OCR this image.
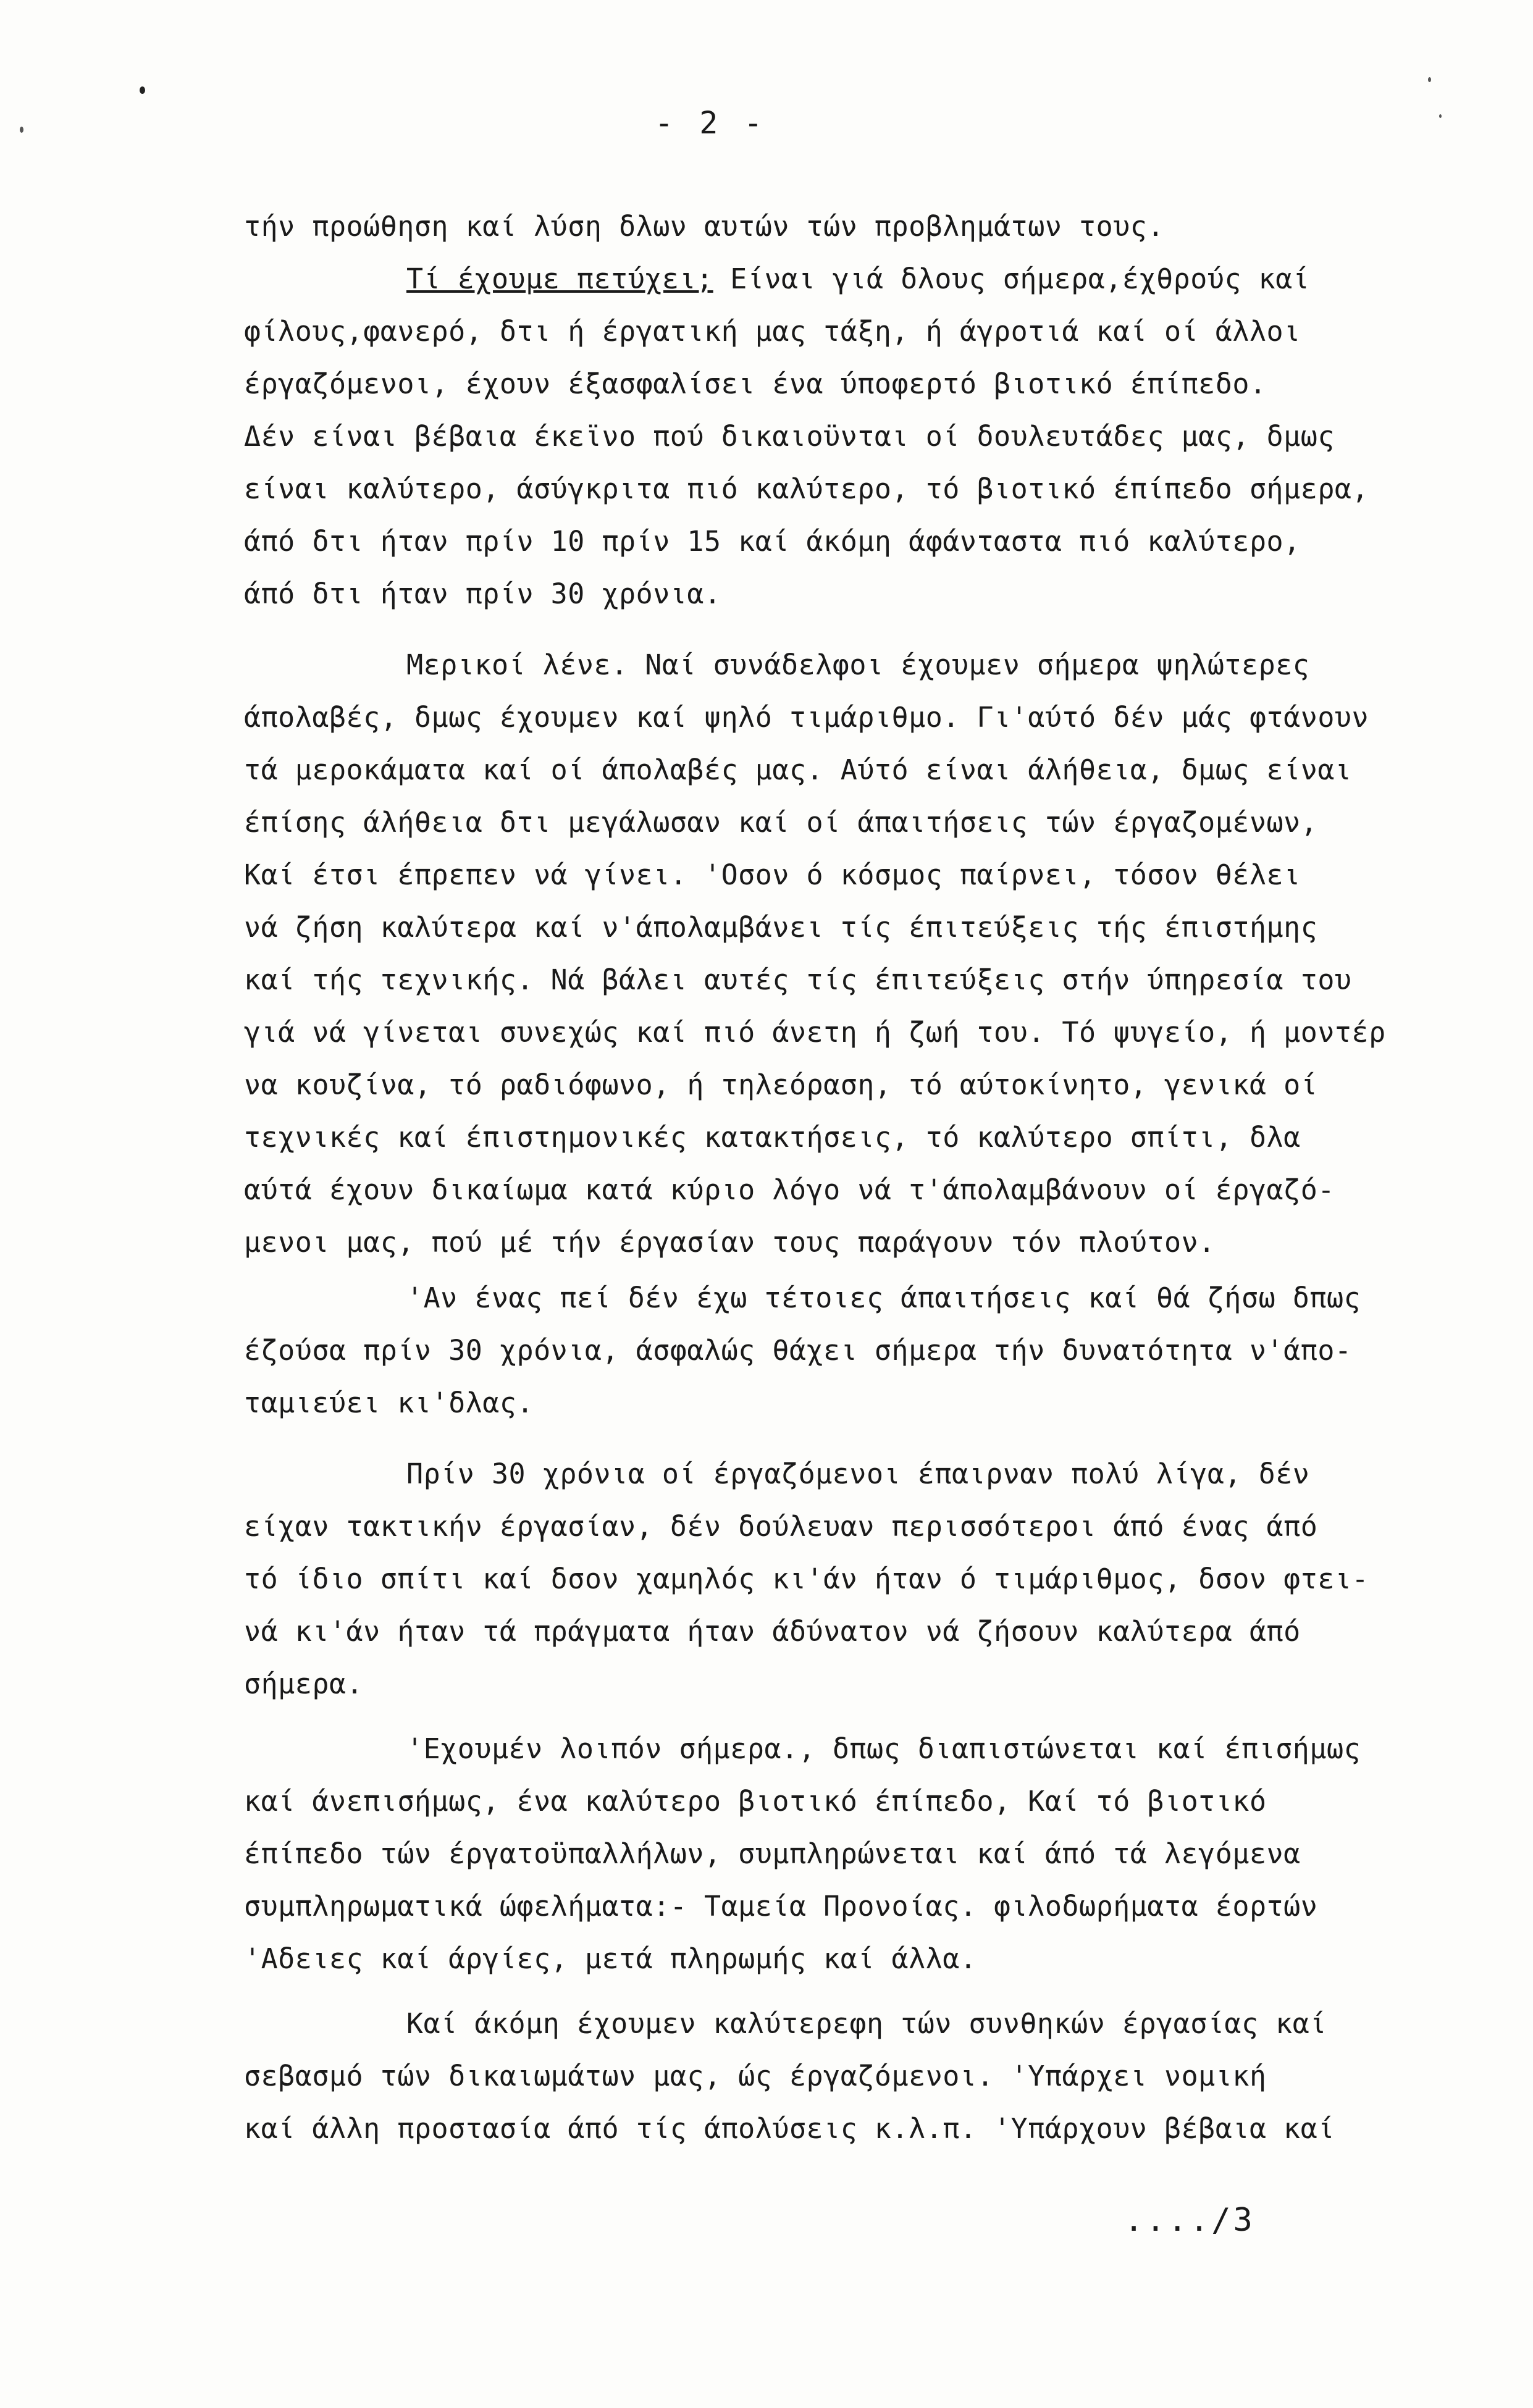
- 2 -
τήν προώθηση καί λύση δλων αυτών τών προβλημάτων τους.
Τί έχουμε πετύχει; Είναι γιά δλους σήμερα,έχθρούς καί
φίλους,φανερό, δτι ή έργατική μας τάξη, ή άγροτιά καί οί άλλοι
έργαζόμενοι, έχουν έξασφαλίσει ένα ύποφερτό βιοτικό έπίπεδο.
Δέν είναι βέβαια έκεϊνο πού δικαιοϋνται οί δουλευτάδες μας, δμως
είναι καλύτερο, άσύγκριτα πιό καλύτερο, τό βιοτικό έπίπεδο σήμερα,
άπό δτι ήταν πρίν 10 πρίν 15 καί άκόμη άφάνταστα πιό καλύτερο,
άπό δτι ήταν πρίν 30 χρόνια.
Μερικοί λένε. Ναί συνάδελφοι έχουμεν σήμερα ψηλώτερες
άπολαβές, δμως έχουμεν καί ψηλό τιμάριθμο. Γι'αύτό δέν μάς φτάνουν
τά μεροκάματα καί οί άπολαβές μας. Αύτό είναι άλήθεια, δμως είναι
έπίσης άλήθεια δτι μεγάλωσαν καί οί άπαιτήσεις τών έργαζομένων,
Καί έτσι έπρεπεν νά γίνει. 'Οσον ό κόσμος παίρνει, τόσον θέλει
νά ζήση καλύτερα καί ν'άπολαμβάνει τίς έπιτεύξεις τής έπιστήμης
καί τής τεχνικής. Νά βάλει αυτές τίς έπιτεύξεις στήν ύπηρεσία του
γιά νά γίνεται συνεχώς καί πιό άνετη ή ζωή του. Τό ψυγείο, ή μοντέρ
να κουζίνα, τό ραδιόφωνο, ή τηλεόραση, τό αύτοκίνητο, γενικά οί
τεχνικές καί έπιστημονικές κατακτήσεις, τό καλύτερο σπίτι, δλα
αύτά έχουν δικαίωμα κατά κύριο λόγο νά τ'άπολαμβάνουν οί έργαζό-
μενοι μας, πού μέ τήν έργασίαν τους παράγουν τόν πλούτον.
'Αν ένας πεί δέν έχω τέτοιες άπαιτήσεις καί θά ζήσω δπως
έζούσα πρίν 30 χρόνια, άσφαλώς θάχει σήμερα τήν δυνατότητα ν'άπο-
ταμιεύει κι'δλας.
Πρίν 30 χρόνια οί έργαζόμενοι έπαιρναν πολύ λίγα, δέν
είχαν τακτικήν έργασίαν, δέν δούλευαν περισσότεροι άπό ένας άπό
τό ίδιο σπίτι καί δσον χαμηλός κι'άν ήταν ό τιμάριθμος, δσον φτει-
νά κι'άν ήταν τά πράγματα ήταν άδύνατον νά ζήσουν καλύτερα άπό
σήμερα.
'Εχουμέν λοιπόν σήμερα., δπως διαπιστώνεται καί έπισήμως
καί άνεπισήμως, ένα καλύτερο βιοτικό έπίπεδο, Καί τό βιοτικό
έπίπεδο τών έργατοϋπαλλήλων, συμπληρώνεται καί άπό τά λεγόμενα
συμπληρωματικά ώφελήματα:- Ταμεία Προνοίας. φιλοδωρήματα έορτών
'Αδειες καί άργίες, μετά πληρωμής καί άλλα.
Καί άκόμη έχουμεν καλύτερεφη τών συνθηκών έργασίας καί
σεβασμό τών δικαιωμάτων μας, ώς έργαζόμενοι. 'Υπάρχει νομική
καί άλλη προστασία άπό τίς άπολύσεις κ.λ.π. 'Υπάρχουν βέβαια καί
..../3
